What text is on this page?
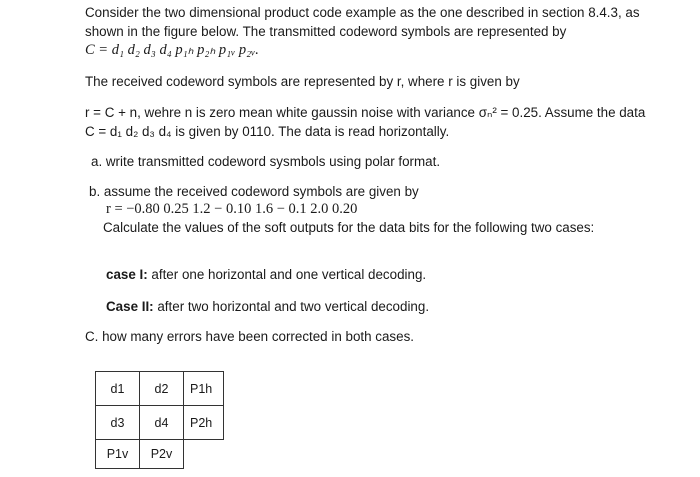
Consider the two dimensional product code example as the one described in section 8.4.3, as
shown in the figure below. The transmitted codeword symbols are represented by
C = d₁ d₂ d₃ d₄ p₁ₕ p₂ₕ p₁ᵥ p₂ᵥ.
The received codeword symbols are represented by r, where r is given by
r = C + n, wehre n is zero mean white gaussin noise with variance σₙ² = 0.25. Assume the data
C = d₁ d₂ d₃ d₄ is given by 0110. The data is read horizontally.
a. write transmitted codeword sysmbols using polar format.
b. assume the received codeword symbols are given by
r = −0.80 0.25 1.2 − 0.10 1.6 − 0.1 2.0 0.20
Calculate the values of the soft outputs for the data bits for the following two cases:
case I: after one horizontal and one vertical decoding.
Case II: after two horizontal and two vertical decoding.
C. how many errors have been corrected in both cases.
d1	d2	P1h
d3	d4	P2h
P1v	P2v	
